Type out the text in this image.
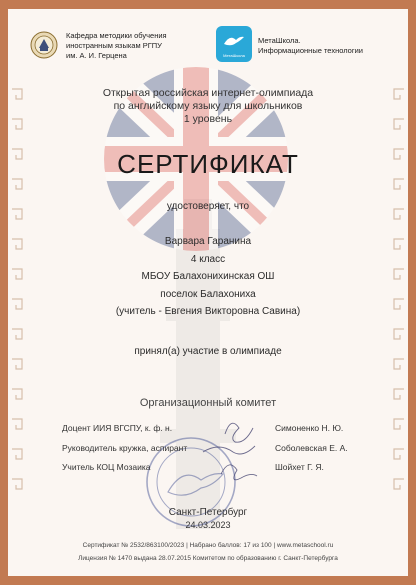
Кафедра методики обучения
иностранным языкам РГПУ
им. А. И. Герцена	МетаШкола
МетаШкола.
Информационные технологии
Открытая российская интернет-олимпиада
по английскому языку для школьников
1 уровень
СЕРТИФИКАТ
удостоверяет, что
Варвара Гаранина
4 класс
МБОУ Балахонихинская ОШ
поселок Балахониха
(учитель - Евгения Викторовна Савина)
принял(а) участие в олимпиаде
Организационный комитет
Доцент ИИЯ ВГСПУ, к. ф. н.	Симоненко Н. Ю.
Руководитель кружка, аспирант	Соболевская Е. А.
Учитель КОЦ Мозаика	Шойхет Г. Я.
Санкт-Петербург
24.03.2023
Сертификат № 2532/863100/2023 | Набрано баллов: 17 из 100 | www.metaschool.ru
Лицензия № 1470 выдана 28.07.2015 Комитетом по образованию г. Санкт-Петербурга
